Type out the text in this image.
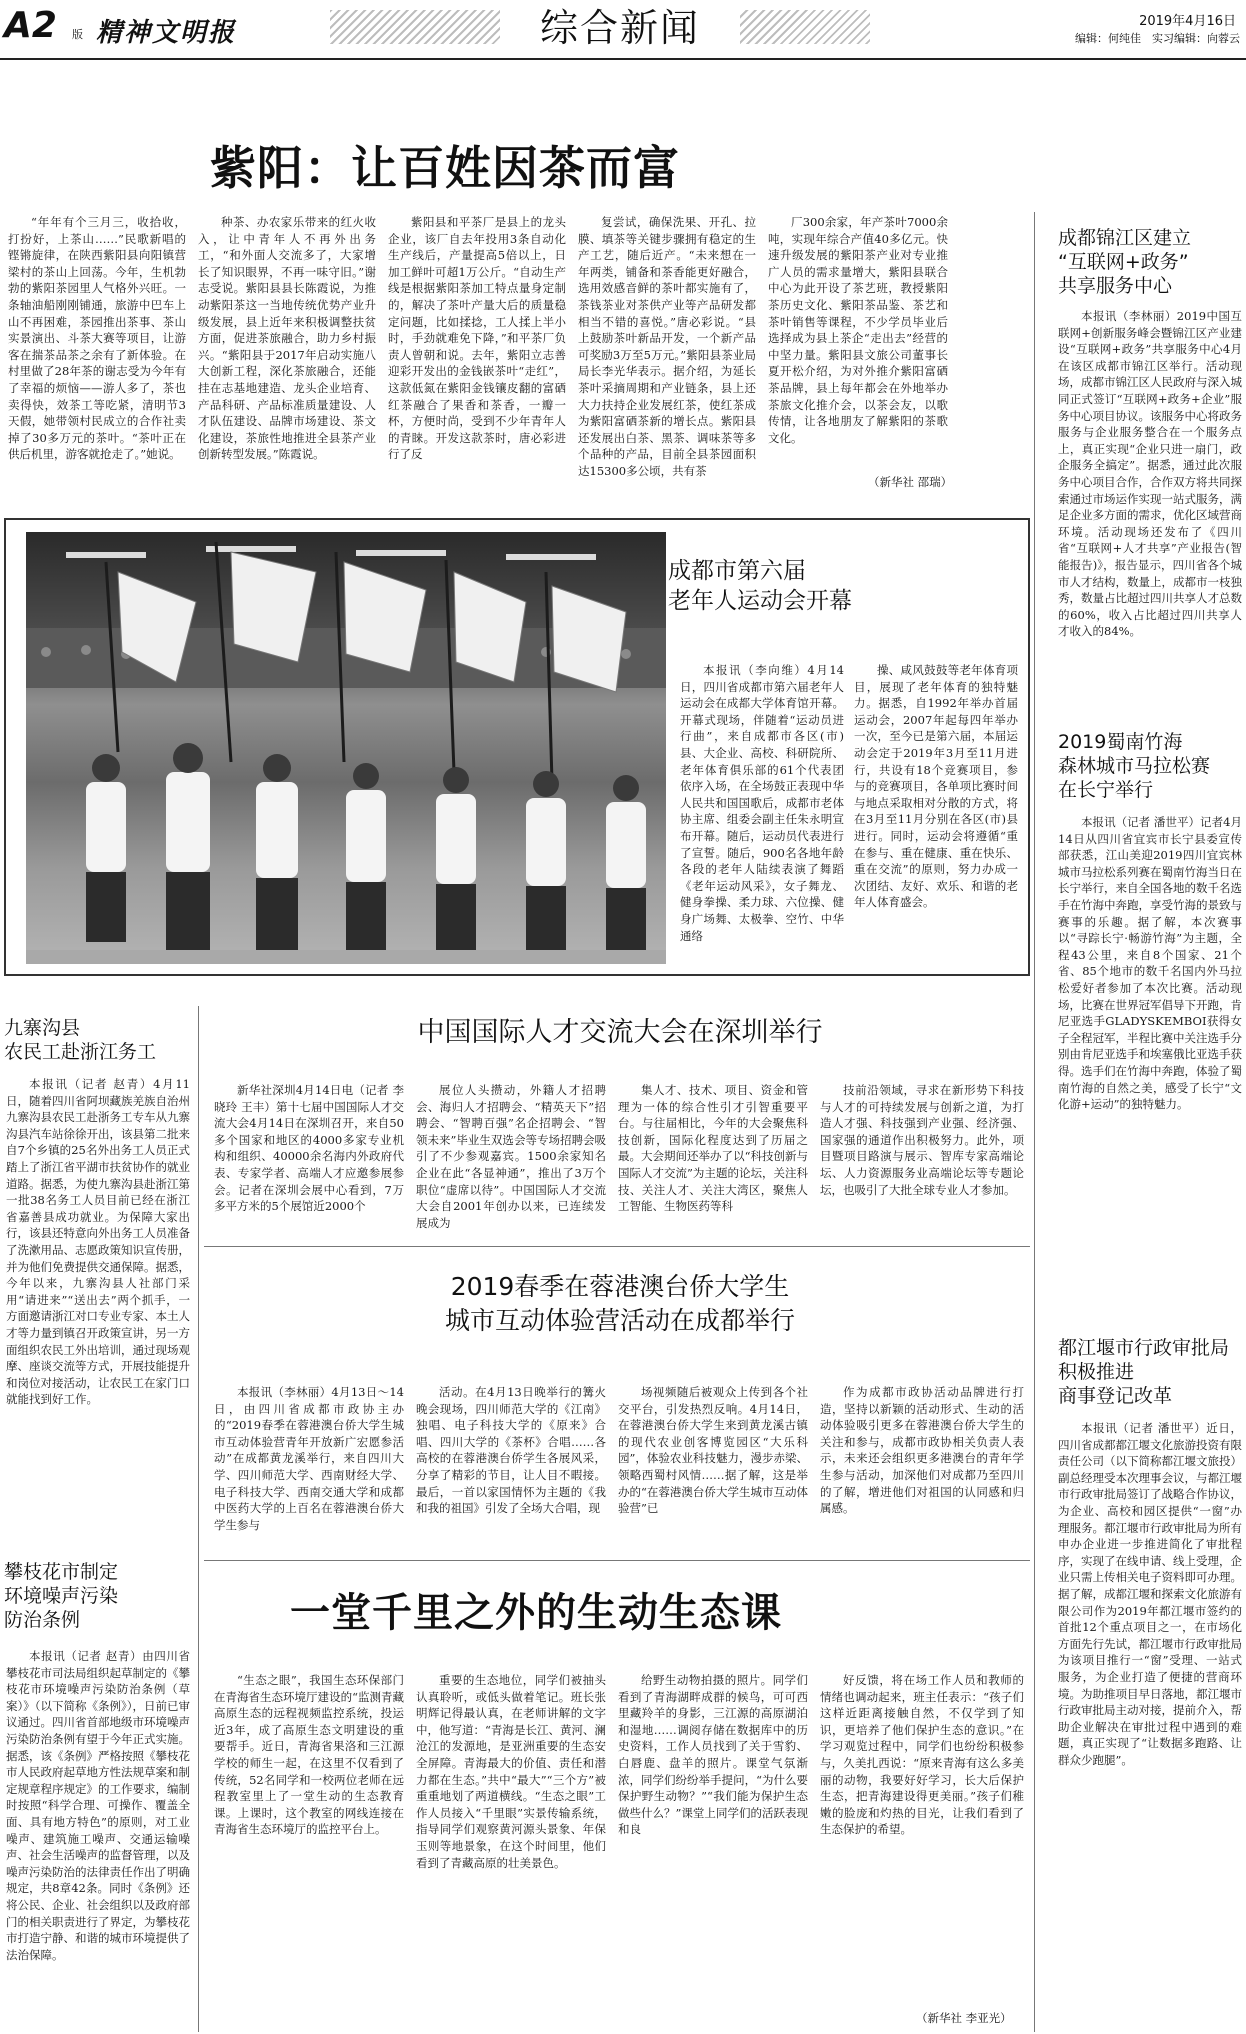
A2 版 精神文明报	综合新闻	2019年4月16日
编辑：何纯佳　实习编辑：向蓉云
紫阳：让百姓因茶而富

“年年有个三月三，收拾收，打扮好，上茶山……”民歌新唱的铿锵旋律，在陕西紫阳县向阳镇营梁村的茶山上回荡。今年，生机勃勃的紫阳茶园里人气格外兴旺。一条轴油船刚刚铺通，旅游中巴车上山不再困难，茶园推出茶事、茶山实景演出、斗茶大赛等项目，让游客在揣茶品茶之余有了新体验。在村里做了28年茶的谢志受为今年有了幸福的烦恼——游人多了，茶也卖得快，效茶工等吃紧，清明节3天假，她带领村民成立的合作社卖掉了30多万元的茶叶。“茶叶正在供后机里，游客就抢走了。”她说。

种茶、办农家乐带来的红火收入，让中青年人不再外出务工，“和外面人交流多了，大家增长了知识眼界，不再一味守旧。”谢志受说。紫阳县县长陈霞说，为推动紫阳茶这一当地传统优势产业升级发展，县上近年来积极调整扶贫方面，促进茶旅融合，助力乡村振兴。“紫阳县于2017年启动实施八大创新工程，深化茶旅融合，还能挂在志基地建造、龙头企业培育、产品科研、产品标准质量建设、人才队伍建设、品牌市场建设、茶文化建设，茶旅性地推进全县茶产业创新转型发展。”陈霞说。

紫阳县和平茶厂是县上的龙头企业，该厂自去年投用3条自动化生产线后，产量提高5倍以上，日加工鲜叶可超1万公斤。“自动生产线是根据紫阳茶加工特点量身定制的，解决了茶叶产量大后的质量稳定问题，比如揉捻，工人揉上半小时，手劲就难免下降，”和平茶厂负责人曾朝和说。去年，紫阳立志善迎彩开发出的金钱嵌茶叶“走红”，这款低氮在紫阳金钱镶皮翻的富硒红茶融合了果香和茶香，一瓣一杯，方便时尚，受到不少年青年人的青睐。开发这款茶时，唐必彩进行了反

复尝试，确保洗果、开孔、拉膜、填茶等关键步骤拥有稳定的生产工艺，随后近产。“未来想在一年两类，铺备和茶香能更好融合，选用效感音鲜的茶叶都实施有了，茶钱茶业对茶供产业等产品研发都相当不错的喜悦。”唐必彩说。“县上鼓励茶叶新品开发，一个新产品可奖励3万至5万元。”紫阳县茶业局局长李光华表示。据介绍，为延长茶叶采摘周期和产业链条，县上还大力扶持企业发展红茶，使红茶成为紫阳富硒茶新的增长点。紫阳县还发展出白茶、黑茶、调味茶等多个品种的产品，目前全县茶园面积达15300多公顷，共有茶

厂300余家，年产茶叶7000余吨，实现年综合产值40多亿元。快速升级发展的紫阳茶产业对专业推广人员的需求量增大，紫阳县联合中心为此开设了茶艺班，教授紫阳茶历史文化、紫阳茶品鉴、茶艺和茶叶销售等课程，不少学员毕业后选择成为县上茶企“走出去”经营的中坚力量。紫阳县文旅公司董事长夏开松介绍，为对外推介紫阳富硒茶品牌，县上每年都会在外地举办茶旅文化推介会，以茶会友，以歌传情，让各地朋友了解紫阳的茶歌文化。

（新华社 邵瑞）
成都市第六届
老年人运动会开幕

本报讯（李向维）4月14日，四川省成都市第六届老年人运动会在成都大学体育馆开幕。开幕式现场，伴随着“运动员进行曲”，来自成都市各区(市)县、大企业、高校、科研院所、老年体育俱乐部的61个代表团依序入场，在全场鼓正表现中华人民共和国国歌后，成都市老体协主席、组委会副主任朱永明宣布开幕。随后，运动员代表进行了宣誓。随后，900名各地年龄各段的老年人陆续表演了舞蹈《老年运动风采》，女子舞龙、健身拳操、柔力球、六位操、健身广场舞、太极拳、空竹、中华通络

操、咸风鼓鼓等老年体育项目，展现了老年体育的独特魅力。据悉，自1992年举办首届运动会，2007年起每四年举办一次，至今已是第六届，本届运动会定于2019年3月至11月进行，共设有18个竞赛项目，参与的竞赛项目，各单项比赛时间与地点采取相对分散的方式，将在3月至11月分别在各区(市)县进行。同时，运动会将遵循“重在参与、重在健康、重在快乐、重在交流”的原则，努力办成一次团结、友好、欢乐、和谐的老年人体育盛会。

成都锦江区建立
“互联网+政务”
共享服务中心

本报讯（李林丽）2019中国互联网+创新服务峰会暨锦江区产业建设“互联网+政务”共享服务中心4月在该区成都市锦江区举行。活动现场，成都市锦江区人民政府与深入城同正式签订“互联网+政务+企业”服务中心项目协议。该服务中心将政务服务与企业服务整合在一个服务点上，真正实现“企业只进一扇门，政企服务全搞定”。据悉，通过此次服务中心项目合作，合作双方将共同探索通过市场运作实现一站式服务，满足企业多方面的需求，优化区域营商环境。活动现场还发布了《四川省“互联网+人才共享”产业报告(智能报告)》，报告显示，四川省各个城市人才结构，数量上，成都市一枝独秀，数量占比超过四川共享人才总数的60%，收入占比超过四川共享人才收入的84%。

2019蜀南竹海
森林城市马拉松赛
在长宁举行

本报讯（记者 潘世平）记者4月14日从四川省宜宾市长宁县委宣传部获悉，江山美迎2019四川宜宾林城市马拉松系列赛在蜀南竹海当日在长宁举行，来自全国各地的数千名选手在竹海中奔跑，享受竹海的景致与赛事的乐趣。据了解，本次赛事以“寻踪长宁·畅游竹海”为主题，全程43公里，来自8个国家、21个省、85个地市的数千名国内外马拉松爱好者参加了本次比赛。活动现场，比赛在世界冠军倡导下开跑，肯尼亚选手GLADYSKEMBOI获得女子全程冠军，半程比赛中关注选手分别由肯尼亚选手和埃塞俄比亚选手获得。选手们在竹海中奔跑，体验了蜀南竹海的自然之美，感受了长宁“文化游+运动”的独特魅力。

都江堰市行政审批局
积极推进
商事登记改革

本报讯（记者 潘世平）近日，四川省成都都江堰文化旅游投资有限责任公司（以下简称都江堰文旅投）副总经理受本次理事会议，与都江堰市行政审批局签订了战略合作协议，为企业、高校和园区提供“一窗”办理服务。都江堰市行政审批局为所有申办企业进一步推进简化了审批程序，实现了在线申请、线上受理，企业只需上传相关电子资料即可办理。据了解，成都江堰和探索文化旅游有限公司作为2019年都江堰市签约的首批12个重点项目之一，在市场化方面先行先试，都江堰市行政审批局为该项目推行一“窗”受理、一站式服务，为企业打造了便捷的营商环境。为助推项目早日落地，都江堰市行政审批局主动对接，提前介入，帮助企业解决在审批过程中遇到的难题，真正实现了“让数据多跑路、让群众少跑腿”。

九寨沟县
农民工赴浙江务工

本报讯（记者 赵青）4月11日，随着四川省阿坝藏族羌族自治州九寨沟县农民工赴浙务工专车从九寨沟县汽车站徐徐开出，该县第二批来自7个乡镇的25名外出务工人员正式踏上了浙江省平湖市扶贫协作的就业道路。据悉，为使九寨沟县赴浙江第一批38名务工人员目前已经在浙江省嘉善县成功就业。为保障大家出行，该县还特意向外出务工人员准备了洗漱用品、志愿政策知识宣传册，并为他们免费提供交通保障。据悉，今年以来，九寨沟县人社部门采用“请进来”“送出去”两个抓手，一方面邀请浙江对口专业专家、本土人才等力量到镇召开政策宣讲，另一方面组织农民工外出培训，通过现场观摩、座谈交流等方式，开展技能提升和岗位对接活动，让农民工在家门口就能找到好工作。

攀枝花市制定
环境噪声污染
防治条例

本报讯（记者 赵青）由四川省攀枝花市司法局组织起草制定的《攀枝花市环境噪声污染防治条例（草案）》（以下简称《条例》），日前已审议通过。四川省首部地级市环境噪声污染防治条例有望于今年正式实施。据悉，该《条例》严格按照《攀枝花市人民政府起草地方性法规草案和制定规章程序规定》的工作要求，编制时按照“科学合理、可操作、覆盖全面、具有地方特色”的原则，对工业噪声、建筑施工噪声、交通运输噪声、社会生活噪声的监督管理，以及噪声污染防治的法律责任作出了明确规定，共8章42条。同时《条例》还将公民、企业、社会组织以及政府部门的相关职责进行了界定，为攀枝花市打造宁静、和谐的城市环境提供了法治保障。

中国国际人才交流大会在深圳举行

新华社深圳4月14日电（记者 李晓玲 王丰）第十七届中国国际人才交流大会4月14日在深圳召开，来自50多个国家和地区的4000多家专业机构和组织、40000余名海内外政府代表、专家学者、高端人才应邀参展参会。记者在深圳会展中心看到，7万多平方米的5个展馆近2000个

展位人头攒动，外籍人才招聘会、海归人才招聘会、“精英天下”招聘会、“智聘百强”名企招聘会、“智领未来”毕业生双选会等专场招聘会吸引了不少参观嘉宾。1500余家知名企业在此“各显神通”，推出了3万个职位“虚席以待”。中国国际人才交流大会自2001年创办以来，已连续发展成为

集人才、技术、项目、资金和管理为一体的综合性引才引智重要平台。与往届相比，今年的大会聚焦科技创新，国际化程度达到了历届之最。大会期间还举办了以“科技创新与国际人才交流”为主题的论坛，关注科技、关注人才、关注大湾区，聚焦人工智能、生物医药等科

技前沿领域，寻求在新形势下科技与人才的可持续发展与创新之道，为打造人才强、科技强到产业强、经济强、国家强的通道作出积极努力。此外，项目暨项目路演与展示、智库专家高端论坛、人力资源服务业高端论坛等专题论坛，也吸引了大批全球专业人才参加。

2019春季在蓉港澳台侨大学生
城市互动体验营活动在成都举行

本报讯（李林丽）4月13日～14日，由四川省成都市政协主办的“2019春季在蓉港澳台侨大学生城市互动体验营青年开放新广宏愿参活动”在成都黄龙溪举行，来自四川大学、四川师范大学、西南财经大学、电子科技大学、西南交通大学和成都中医药大学的上百名在蓉港澳台侨大学生参与

活动。在4月13日晚举行的篝火晚会现场，四川师范大学的《江南》独唱、电子科技大学的《原来》合唱、四川大学的《茶杯》合唱……各高校的在蓉港澳台侨学生各展风采，分享了精彩的节目，让人目不暇接。最后，一首以家国情怀为主题的《我和我的祖国》引发了全场大合唱，现

场视频随后被观众上传到各个社交平台，引发热烈反响。4月14日，在蓉港澳台侨大学生来到黄龙溪古镇的现代农业创客博览园区“大乐科园”，体验农业科技魅力，漫步赤梁、领略西蜀村风情……据了解，这是举办的“在蓉港澳台侨大学生城市互动体验营”已

作为成都市政协活动品牌进行打造，坚持以新颖的活动形式、生动的活动体验吸引更多在蓉港澳台侨大学生的关注和参与，成都市政协相关负责人表示，未来还会组织更多港澳台的青年学生参与活动，加深他们对成都乃至四川的了解，增进他们对祖国的认同感和归属感。

一堂千里之外的生动生态课

“生态之眼”，我国生态环保部门在青海省生态环境厅建设的“监测青藏高原生态的远程视频监控系统，投运近3年，成了高原生态文明建设的重要帮手。近日，青海省果洛和三江源学校的师生一起，在这里不仅看到了传统，52名同学和一校两位老师在远程教室里上了一堂生动的生态教育课。上课时，这个教室的网线连接在青海省生态环境厅的监控平台上。

重要的生态地位，同学们被抽头认真聆听，或低头做着笔记。班长张明辉记得最认真，在老师讲解的文字中，他写道：“青海是长江、黄河、澜沧江的发源地，是亚洲重要的生态安全屏障。青海最大的价值、责任和潜力都在生态。”共中“最大”“三个方”被重重地划了两道横线。“生态之眼”工作人员接入“千里眼”实景传输系统，指导同学们观察黄河源头景象、年保玉则等地景象，在这个时间里，他们看到了青藏高原的壮美景色。

给野生动物拍摄的照片。同学们看到了青海湖畔成群的候鸟，可可西里藏羚羊的身影，三江源的高原湖泊和湿地……调阅存储在数据库中的历史资料，工作人员找到了关于雪豹、白唇鹿、盘羊的照片。课堂气氛渐浓，同学们纷纷举手提问，“为什么要保护野生动物？”“我们能为保护生态做些什么？”课堂上同学们的活跃表现和良

好反馈，将在场工作人员和教师的情绪也调动起来，班主任表示：“孩子们这样近距离接触自然，不仅学到了知识，更培养了他们保护生态的意识。”在学习观览过程中，同学们也纷纷积极参与，久美扎西说：“原来青海有这么多美丽的动物，我要好好学习，长大后保护生态，把青海建设得更美丽。”孩子们稚嫩的脸庞和灼热的目光，让我们看到了生态保护的希望。

（新华社 李亚光）
